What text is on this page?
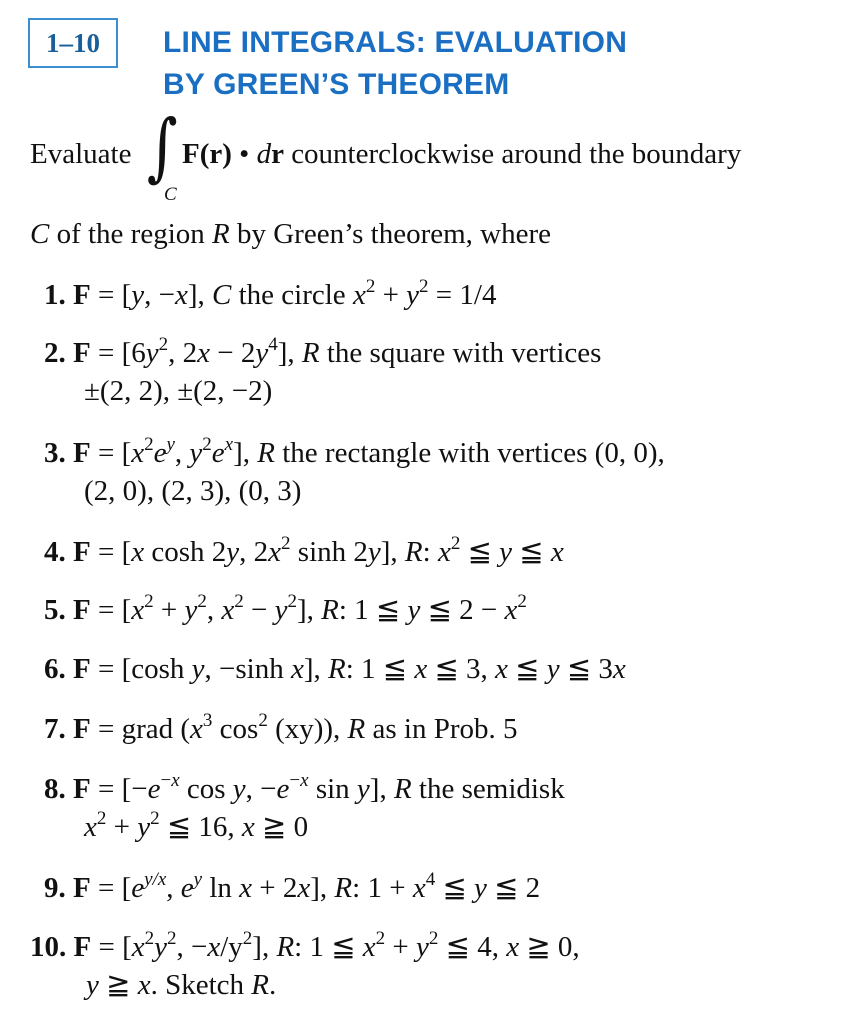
1–10 LINE INTEGRALS: EVALUATION
BY GREEN’S THEOREM
Evaluate ∫
C
F(r) • dr counterclockwise around the boundary
C of the region R by Green’s theorem, where
1. F = [y, −x], C the circle $x^2 + y^2 = 1/4$
2. $F = [6y^2$, $2x - 2y^4$], R the square with vertices
±(2, 2), ±(2, −2)
3. $F = [x^2e^y$, $y^2e^x$], R the rectangle with vertices (0, 0),
(2, 0), (2, 3), (0, 3)
4. F = [x cosh 2y, $2x^2$ sinh 2y], R: $x^2$ ≦ y ≦ x
5. $F = [x^2 + y^2$, $x^2 - y^2$], R: 1 ≦ y ≦ $2 - x^2$
6. F = [cosh y, −sinh x], R: 1 ≦ x ≦ 3, x ≦ y ≦ 3x
7. F = grad ($x^3$ $\cos^2 (xy)$), R as in Prob. 5
8. $F = [-e^{-x}$ cos y, $-e^{-x}$ sin y], R the semidisk
$x^2 + y^2$ ≦ 16, x ≧ 0
9. $F = [e^{y/x}$, $e^y$ ln x + 2x], R: $1 + x^4$ ≦ y ≦ 2
10. $F = [x^2y^2$, $-x/y^2$], R: 1 ≦ $x^2 + y^2$ ≦ 4, x ≧ 0,
y ≧ x. Sketch R.
